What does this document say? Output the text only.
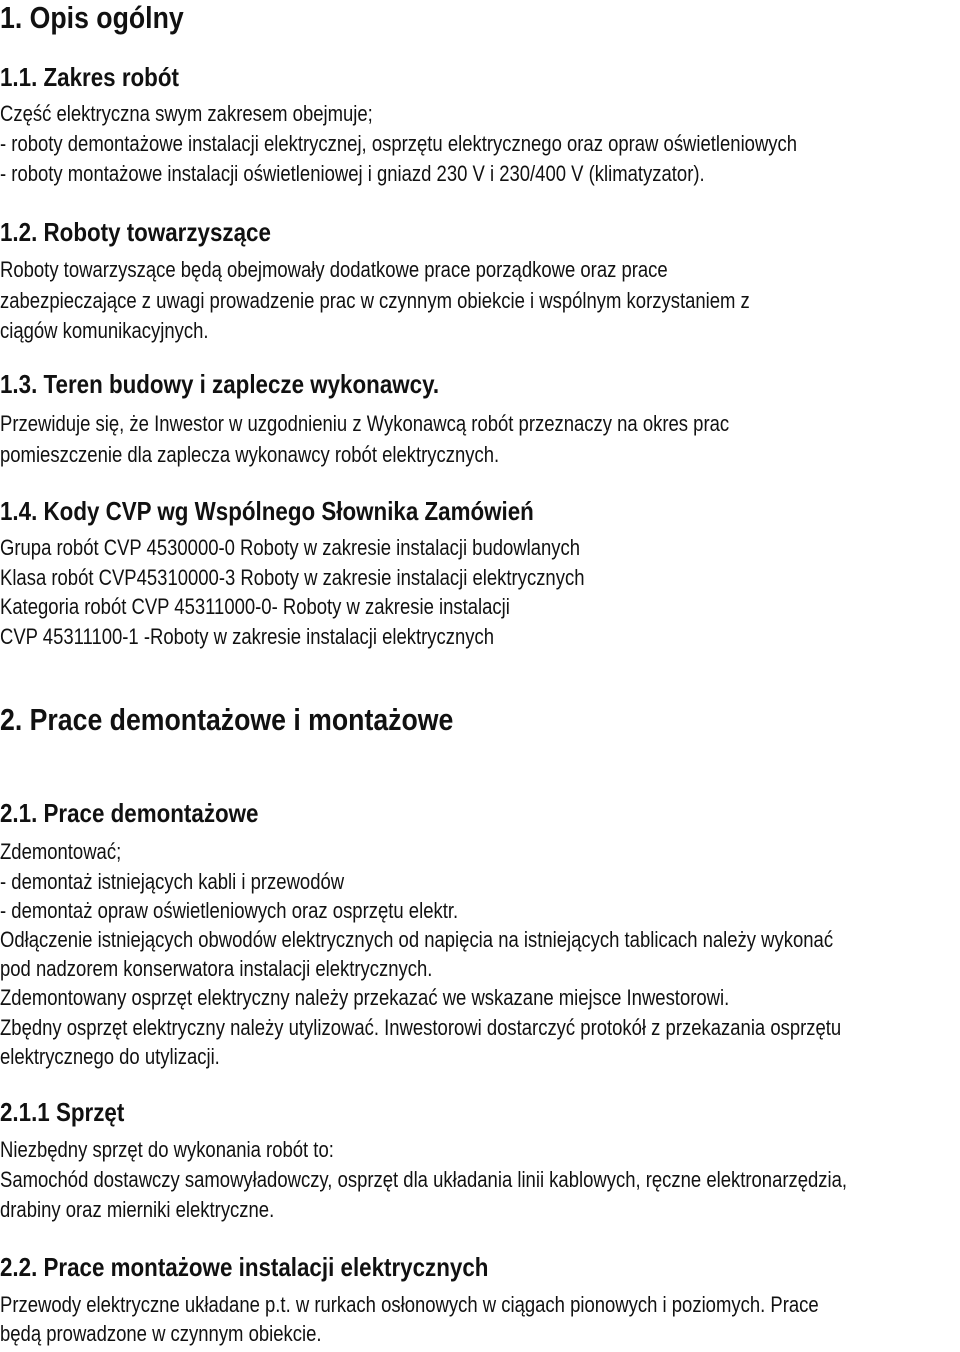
1. Opis ogólny
1.1. Zakres robót

Część elektryczna swym zakresem obejmuje;

- roboty demontażowe instalacji elektrycznej, osprzętu elektrycznego oraz opraw oświetleniowych

- roboty montażowe instalacji oświetleniowej i gniazd 230 V i 230/400 V (klimatyzator).

1.2. Roboty towarzyszące

Roboty towarzyszące będą obejmowały dodatkowe prace porządkowe oraz prace

zabezpieczające z uwagi prowadzenie prac w czynnym obiekcie i wspólnym korzystaniem z

ciągów komunikacyjnych.

1.3. Teren budowy i zaplecze wykonawcy.

Przewiduje się, że Inwestor w uzgodnieniu z Wykonawcą robót przeznaczy na okres prac

pomieszczenie dla zaplecza wykonawcy robót elektrycznych.

1.4. Kody CVP wg Wspólnego Słownika Zamówień

Grupa robót CVP 4530000-0 Roboty w zakresie instalacji budowlanych

Klasa robót CVP45310000-3 Roboty w zakresie instalacji elektrycznych

Kategoria robót CVP 45311000-0- Roboty w zakresie instalacji

CVP 45311100-1 -Roboty w zakresie instalacji elektrycznych

2. Prace demontażowe i montażowe
2.1. Prace demontażowe

Zdemontować;

- demontaż istniejących kabli i przewodów

- demontaż opraw oświetleniowych oraz osprzętu elektr.

Odłączenie istniejących obwodów elektrycznych od napięcia na istniejących tablicach należy wykonać

pod nadzorem konserwatora instalacji elektrycznych.

Zdemontowany osprzęt elektryczny należy przekazać we wskazane miejsce Inwestorowi.

Zbędny osprzęt elektryczny należy utylizować. Inwestorowi dostarczyć protokół z przekazania osprzętu

elektrycznego do utylizacji.

2.1.1 Sprzęt

Niezbędny sprzęt do wykonania robót to:

Samochód dostawczy samowyładowczy, osprzęt dla układania linii kablowych, ręczne elektronarzędzia,

drabiny oraz mierniki elektryczne.

2.2. Prace montażowe instalacji elektrycznych

Przewody elektryczne układane p.t. w rurkach osłonowych w ciągach pionowych i poziomych. Prace

będą prowadzone w czynnym obiekcie.
